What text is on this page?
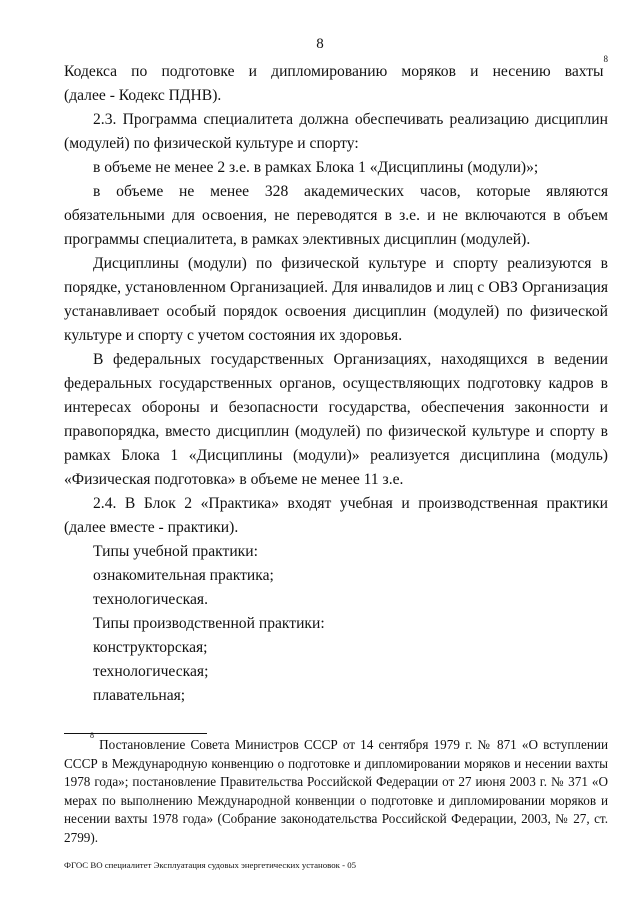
8

Кодекса по подготовке и дипломированию моряков и несению вахты$^8$

(далее - Кодекс ПДНВ).

2.3. Программа специалитета должна обеспечивать реализацию дисциплин (модулей) по физической культуре и спорту:

в объеме не менее 2 з.е. в рамках Блока 1 «Дисциплины (модули)»;

в объеме не менее 328 академических часов, которые являются обязательными для освоения, не переводятся в з.е. и не включаются в объем программы специалитета, в рамках элективных дисциплин (модулей).

Дисциплины (модули) по физической культуре и спорту реализуются в порядке, установленном Организацией. Для инвалидов и лиц с ОВЗ Организация устанавливает особый порядок освоения дисциплин (модулей) по физической культуре и спорту с учетом состояния их здоровья.

В федеральных государственных Организациях, находящихся в ведении федеральных государственных органов, осуществляющих подготовку кадров в интересах обороны и безопасности государства, обеспечения законности и правопорядка, вместо дисциплин (модулей) по физической культуре и спорту в рамках Блока 1 «Дисциплины (модули)» реализуется дисциплина (модуль) «Физическая подготовка» в объеме не менее 11 з.е.

2.4. В Блок 2 «Практика» входят учебная и производственная практики (далее вместе - практики).

Типы учебной практики:

ознакомительная практика;

технологическая.

Типы производственной практики:

конструкторская;

технологическая;

плавательная;

$^8$ Постановление Совета Министров СССР от 14 сентября 1979 г. № 871 «О вступлении СССР в Международную конвенцию о подготовке и дипломировании моряков и несении вахты 1978 года»; постановление Правительства Российской Федерации от 27 июня 2003 г. № 371 «О мерах по выполнению Международной конвенции о подготовке и дипломировании моряков и несении вахты 1978 года» (Собрание законодательства Российской Федерации, 2003, № 27, ст. 2799).

ФГОС ВО специалитет Эксплуатация судовых энергетических установок - 05
